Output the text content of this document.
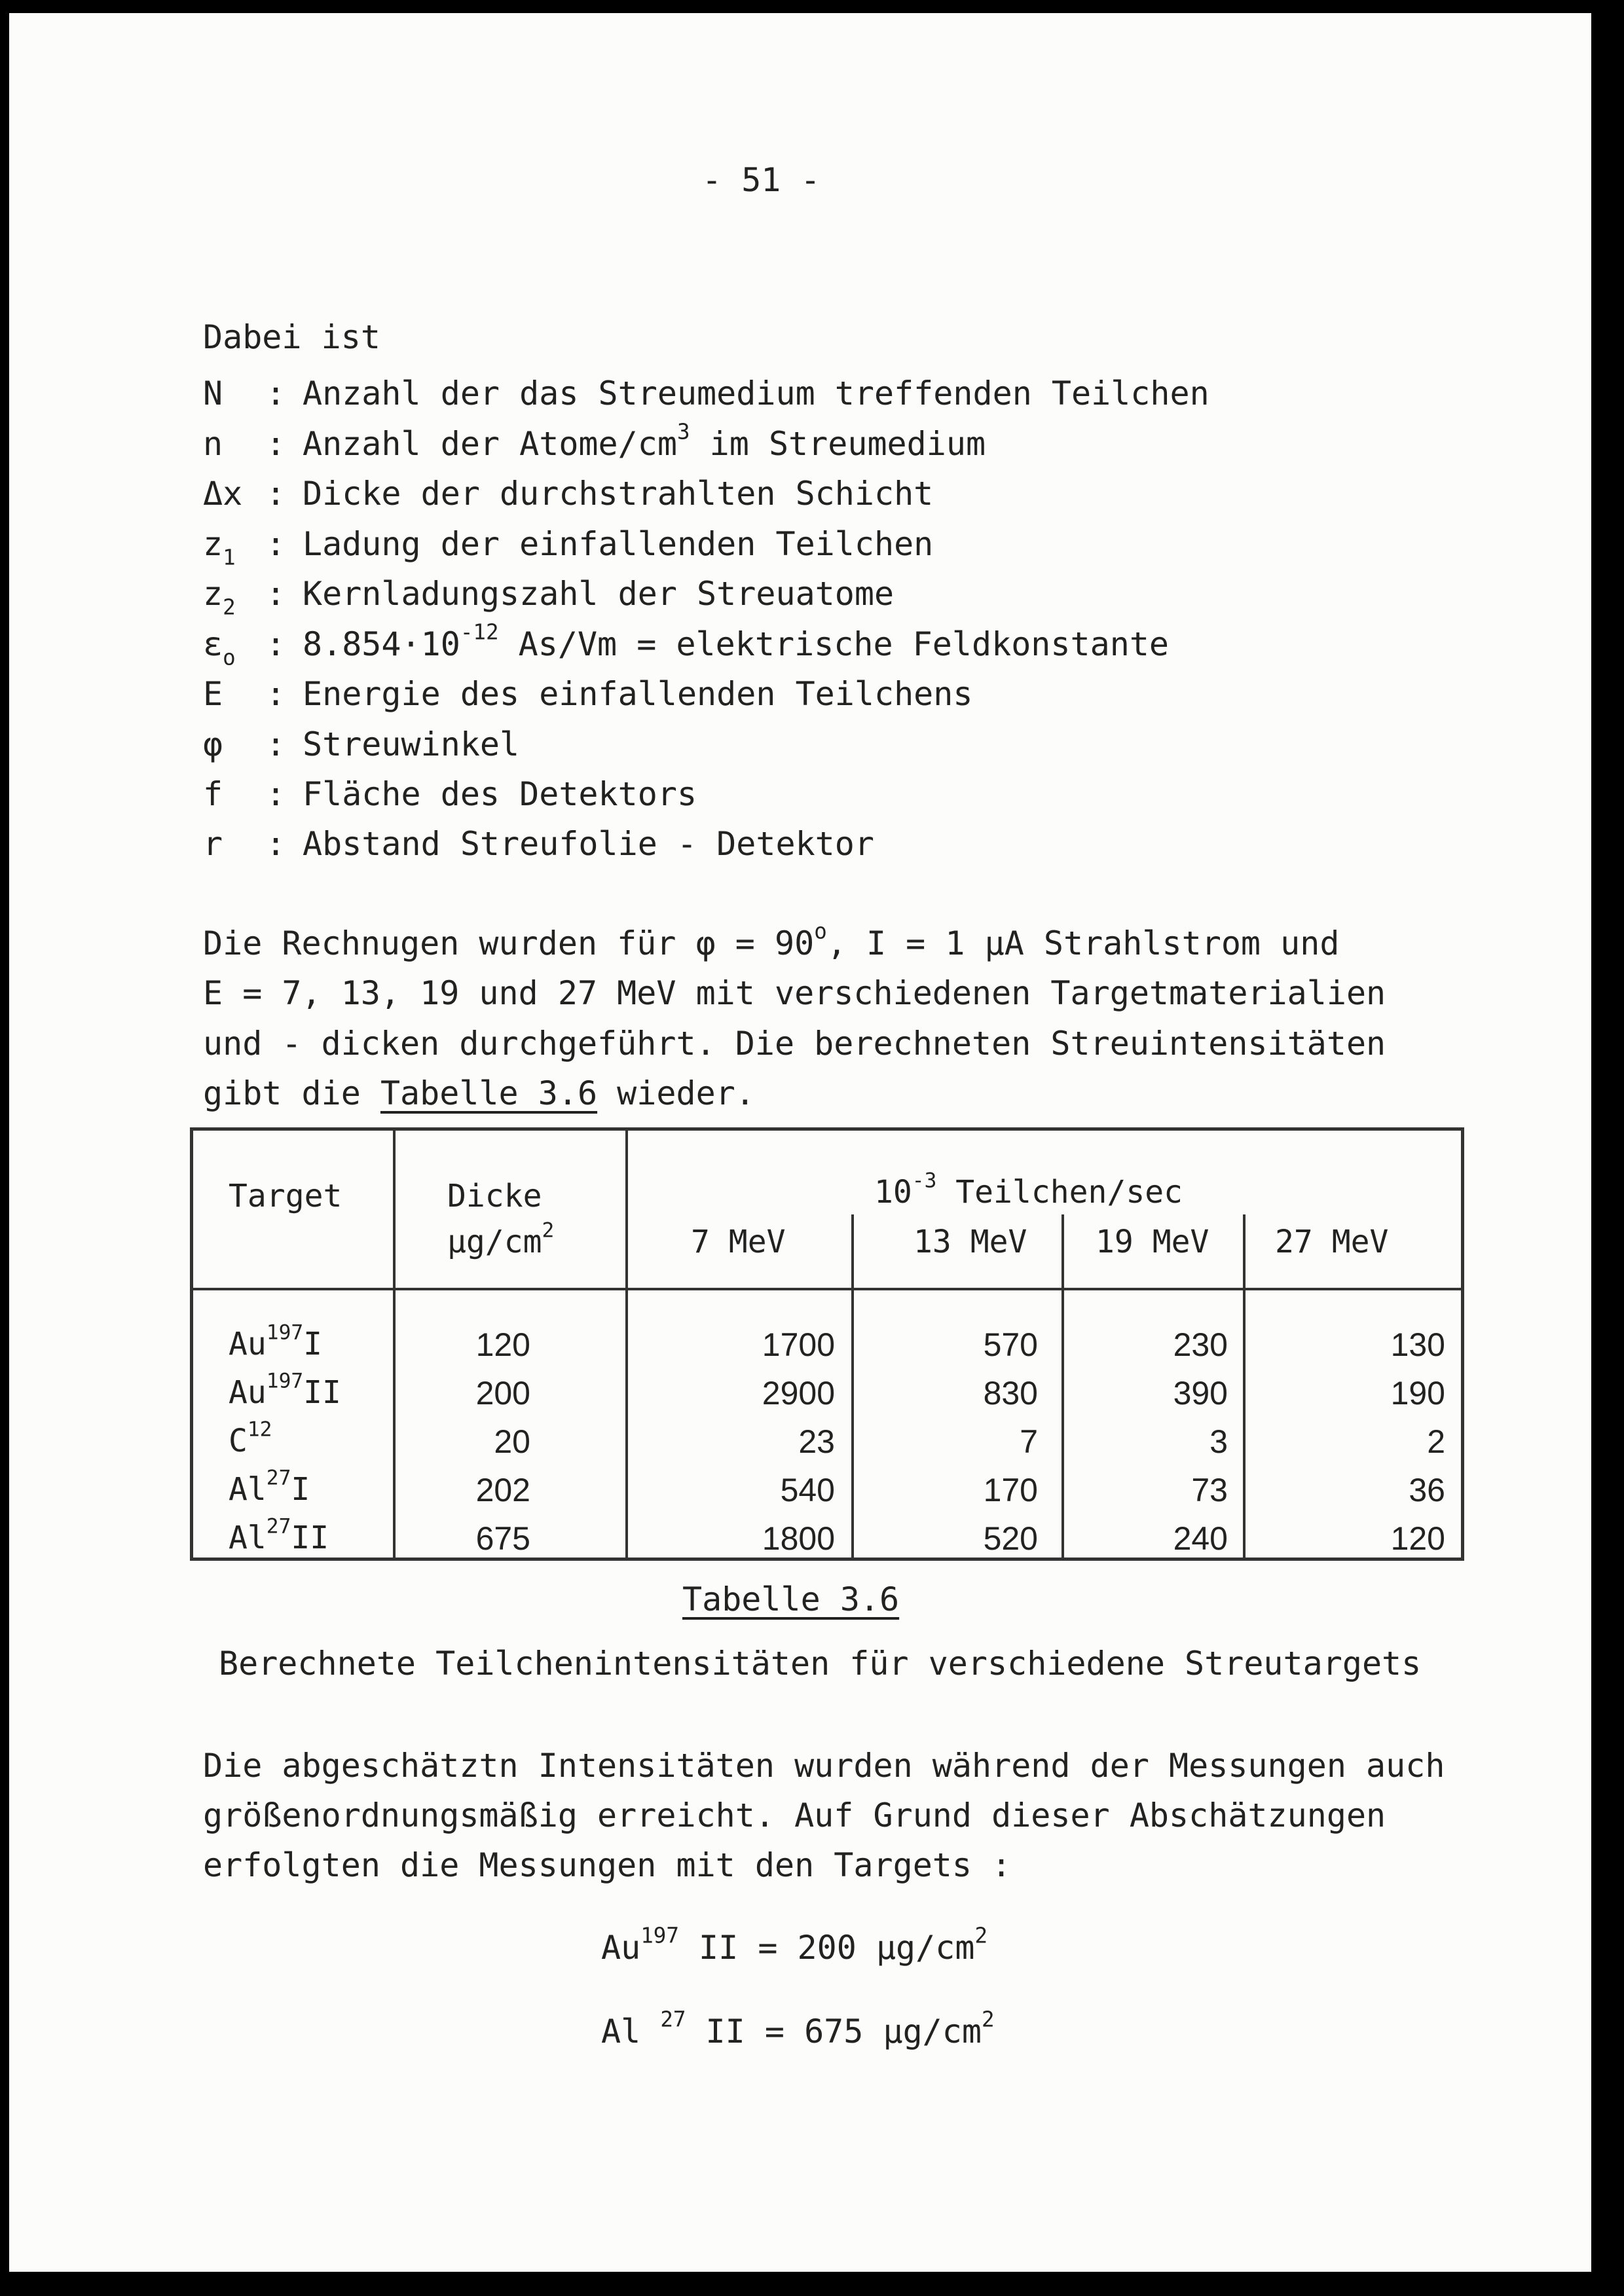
- 51 -
Dabei ist
N : Anzahl der das Streumedium treffenden Teilchen
n : Anzahl der Atome/$cm^3$ im Streumedium
Δx : Dicke der durchstrahlten Schicht
$z_1$ : Ladung der einfallenden Teilchen
$z_2$ : Kernladungszahl der Streuatome
$\varepsilon_o$ : $8.854\cdot 10^{-12}$ As/Vm = elektrische Feldkonstante
E : Energie des einfallenden Teilchens
φ : Streuwinkel
f : Fläche des Detektors
r : Abstand Streufolie - Detektor
Die Rechnugen wurden für $\varphi = 90^o$, I = 1 µA Strahlstrom und
E = 7, 13, 19 und 27 MeV mit verschiedenen Targetmaterialien
und - dicken durchgeführt. Die berechneten Streuintensitäten
gibt die Tabelle 3.6 wieder.
Target	Dicke
$\mu g/cm^2$
$10^{-3}$ Teilchen/sec
7 MeV	13 MeV 19 MeV 27 MeV
Au$^{197}$I	120	1700	570	230	130
Au$^{197}$II	200	2900	830	390	190
$C^{12}$	20	23	7	3	2
Al$^{27}$I	202	540	170	73	36
Al$^{27}$II	675	1800	520	240	120
Tabelle 3.6
Berechnete Teilchenintensitäten für verschiedene Streutargets
Die abgeschätztn Intensitäten wurden während der Messungen auch
größenordnungsmäßig erreicht. Auf Grund dieser Abschätzungen
erfolgten die Messungen mit den Targets :
Au$^{197}$ II = 200 $\mu g/cm^2$
Al $^{27}$ II = 675 $\mu g/cm^2$
